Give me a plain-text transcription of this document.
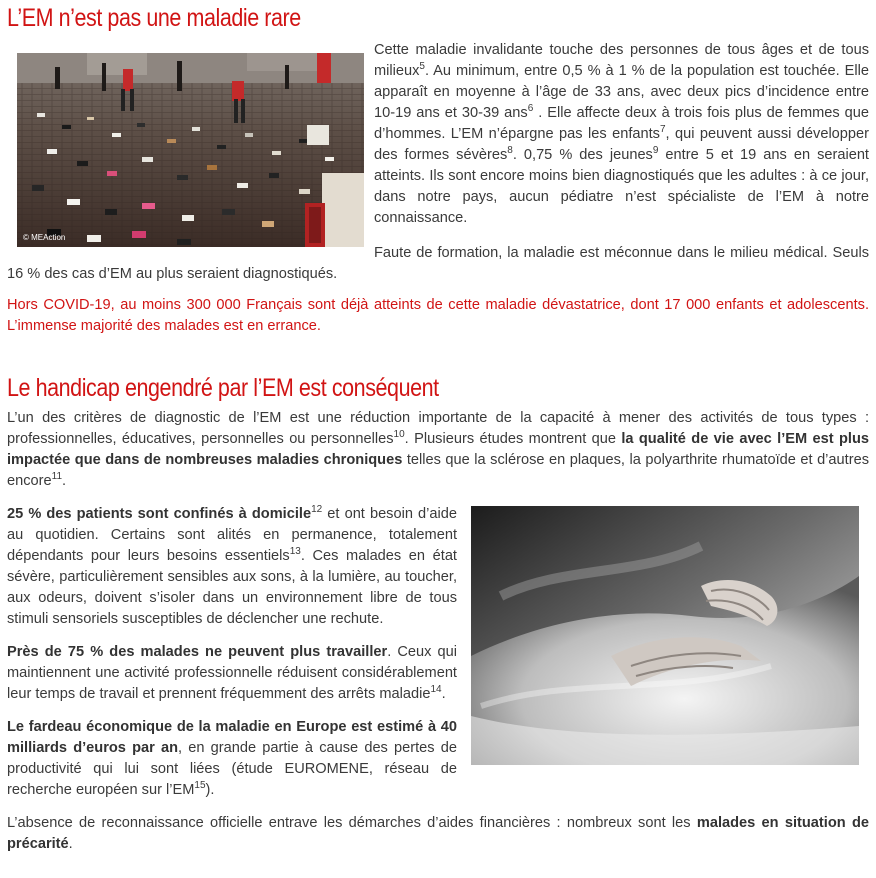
L’EM n’est pas une maladie rare
© MEAction

Cette maladie invalidante touche des personnes de tous âges et de tous milieux$^5$. Au minimum, entre 0,5 % à 1 % de la population est touchée. Elle apparaît en moyenne à l’âge de 33 ans, avec deux pics d’incidence entre 10-19 ans et 30-39 ans$^6$ . Elle affecte deux à trois fois plus de femmes que d’hommes. L’EM n’épargne pas les enfants$^7$, qui peuvent aussi développer des formes sévères$^8$. 0,75 % des jeunes$^9$ entre 5 et 19 ans en seraient atteints. Ils sont encore moins bien diagnostiqués que les adultes : à ce jour, dans notre pays, aucun pédiatre n’est spécialiste de l’EM à notre connaissance.

Faute de formation, la maladie est méconnue dans le milieu médical. Seuls 16 % des cas d’EM au plus seraient diagnostiqués.

Hors COVID-19, au moins 300 000 Français sont déjà atteints de cette maladie dévastatrice, dont 17 000 enfants et adolescents. L’immense majorité des malades est en errance.

Le handicap engendré par l’EM est conséquent

L’un des critères de diagnostic de l’EM est une réduction importante de la capacité à mener des activités de tous types : professionnelles, éducatives, personnelles ou personnelles$^{10}$. Plusieurs études montrent que la qualité de vie avec l’EM est plus impactée que dans de nombreuses maladies chroniques telles que la sclérose en plaques, la polyarthrite rhumatoïde et d’autres encore$^{11}$.

25 % des patients sont confinés à domicile$^{12}$ et ont besoin d’aide au quotidien. Certains sont alités en permanence, totalement dépendants pour leurs besoins essentiels$^{13}$. Ces malades en état sévère, particulièrement sensibles aux sons, à la lumière, au toucher, aux odeurs, doivent s’isoler dans un environnement libre de tous stimuli sensoriels susceptibles de déclencher une rechute.

Près de 75 % des malades ne peuvent plus travailler. Ceux qui maintiennent une activité professionnelle réduisent considérablement leur temps de travail et prennent fréquemment des arrêts maladie$^{14}$.

Le fardeau économique de la maladie en Europe est estimé à 40 milliards d’euros par an, en grande partie à cause des pertes de productivité qui lui sont liées (étude EUROMENE, réseau de recherche européen sur l’EM$^{15}$).

L’absence de reconnaissance officielle entrave les démarches d’aides financières : nombreux sont les malades en situation de précarité.
